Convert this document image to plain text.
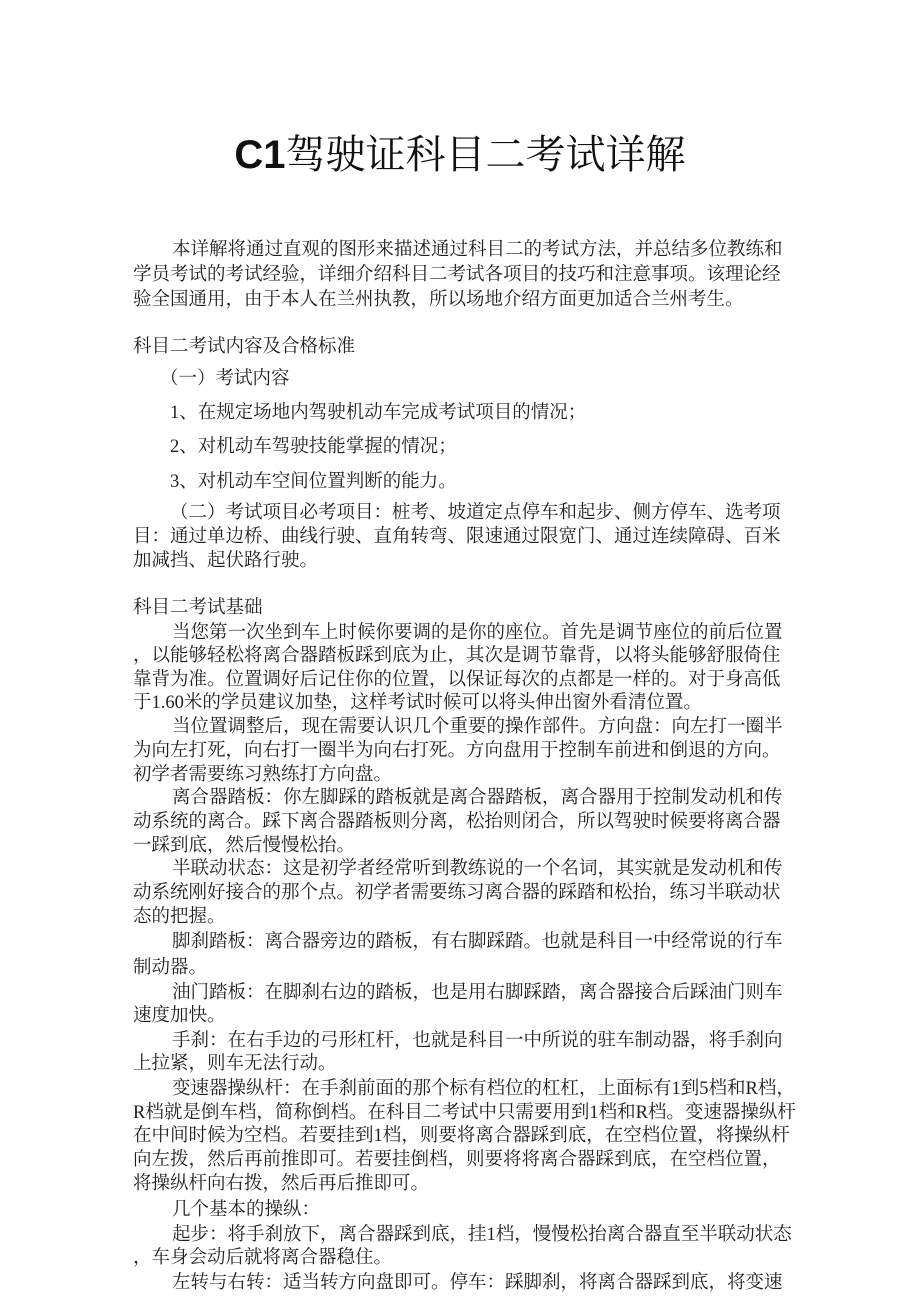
C1驾驶证科目二考试详解
本详解将通过直观的图形来描述通过科目二的考试方法，并总结多位教练和
学员考试的考试经验，详细介绍科目二考试各项目的技巧和注意事项。该理论经
验全国通用，由于本人在兰州执教，所以场地介绍方面更加适合兰州考生。
科目二考试内容及合格标准
（一）考试内容
1、在规定场地内驾驶机动车完成考试项目的情况；
2、对机动车驾驶技能掌握的情况；
3、对机动车空间位置判断的能力。
（二）考试项目必考项目：桩考、坡道定点停车和起步、侧方停车、选考项
目：通过单边桥、曲线行驶、直角转弯、限速通过限宽门、通过连续障碍、百米
加减挡、起伏路行驶。
科目二考试基础
当您第一次坐到车上时候你要调的是你的座位。首先是调节座位的前后位置
，以能够轻松将离合器踏板踩到底为止，其次是调节靠背，以将头能够舒服倚住
靠背为准。位置调好后记住你的位置，以保证每次的点都是一样的。对于身高低
于1.60米的学员建议加垫，这样考试时候可以将头伸出窗外看清位置。
当位置调整后，现在需要认识几个重要的操作部件。方向盘：向左打一圈半
为向左打死，向右打一圈半为向右打死。方向盘用于控制车前进和倒退的方向。
初学者需要练习熟练打方向盘。
离合器踏板：你左脚踩的踏板就是离合器踏板，离合器用于控制发动机和传
动系统的离合。踩下离合器踏板则分离，松抬则闭合，所以驾驶时候要将离合器
一踩到底，然后慢慢松抬。
半联动状态：这是初学者经常听到教练说的一个名词，其实就是发动机和传
动系统刚好接合的那个点。初学者需要练习离合器的踩踏和松抬，练习半联动状
态的把握。
脚刹踏板：离合器旁边的踏板，有右脚踩踏。也就是科目一中经常说的行车
制动器。
油门踏板：在脚刹右边的踏板，也是用右脚踩踏，离合器接合后踩油门则车
速度加快。
手刹：在右手边的弓形杠杆，也就是科目一中所说的驻车制动器，将手刹向
上拉紧，则车无法行动。
变速器操纵杆：在手刹前面的那个标有档位的杠杠，上面标有1到5档和R档，
R档就是倒车档，简称倒档。在科目二考试中只需要用到1档和R档。变速器操纵杆
在中间时候为空档。若要挂到1档，则要将离合器踩到底，在空档位置，将操纵杆
向左拨，然后再前推即可。若要挂倒档，则要将将离合器踩到底，在空档位置，
将操纵杆向右拨，然后再后推即可。
几个基本的操纵：
起步：将手刹放下，离合器踩到底，挂1档，慢慢松抬离合器直至半联动状态
，车身会动后就将离合器稳住。
左转与右转：适当转方向盘即可。停车：踩脚刹，将离合器踩到底，将变速
